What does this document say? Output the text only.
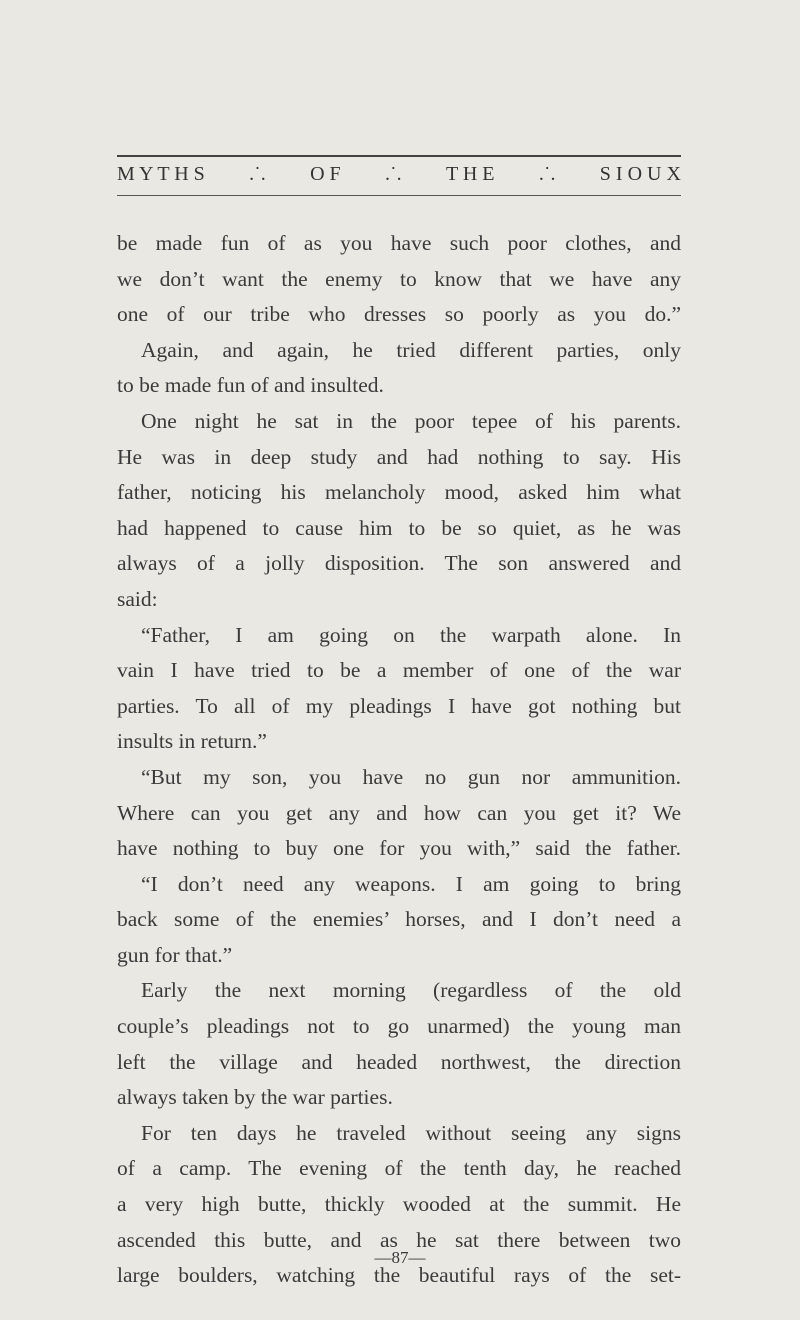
M Y T H S .˙. O F .˙. T H E .˙. S I O U X
be made fun of as you have such poor clothes, and
we don’t want the enemy to know that we have any
one of our tribe who dresses so poorly as you do.”
Again, and again, he tried different parties, only
to be made fun of and insulted.
One night he sat in the poor tepee of his parents.
He was in deep study and had nothing to say. His
father, noticing his melancholy mood, asked him what
had happened to cause him to be so quiet, as he was
always of a jolly disposition. The son answered and
said:
“Father, I am going on the warpath alone. In
vain I have tried to be a member of one of the war
parties. To all of my pleadings I have got nothing but
insults in return.”
“But my son, you have no gun nor ammunition.
Where can you get any and how can you get it? We
have nothing to buy one for you with,” said the father.
“I don’t need any weapons. I am going to bring
back some of the enemies’ horses, and I don’t need a
gun for that.”
Early the next morning (regardless of the old
couple’s pleadings not to go unarmed) the young man
left the village and headed northwest, the direction
always taken by the war parties.
For ten days he traveled without seeing any signs
of a camp. The evening of the tenth day, he reached
a very high butte, thickly wooded at the summit. He
ascended this butte, and as he sat there between two
large boulders, watching the beautiful rays of the set-
—87—
